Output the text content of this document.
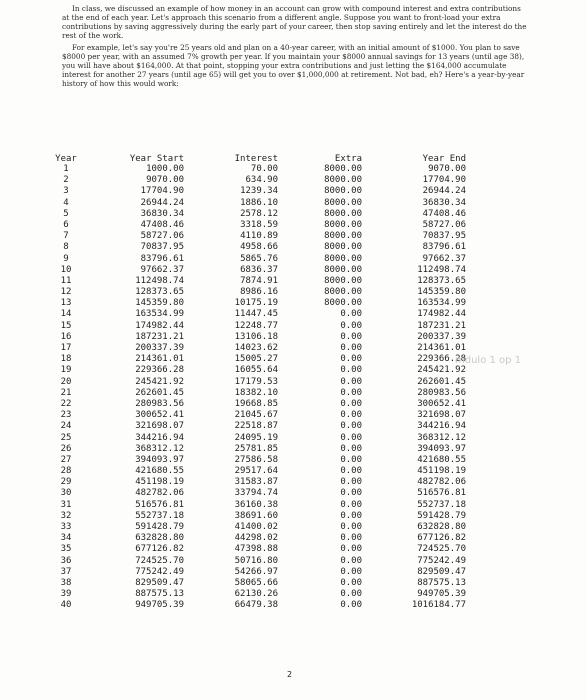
In class, we discussed an example of how money in an account can grow with compound interest and extra contributions at the end of each year. Let's approach this scenario from a different angle. Suppose you want to front-load your extra contributions by saving aggressively during the early part of your career, then stop saving entirely and let the interest do the rest of the work.

For example, let's say you're 25 years old and plan on a 40-year career, with an initial amount of $1000. You plan to save $8000 per year, with an assumed 7% growth per year. If you maintain your $8000 annual savings for 13 years (until age 38), you will have about $164,000. At that point, stopping your extra contributions and just letting the $164,000 accumulate interest for another 27 years (until age 65) will get you to over $1,000,000 at retirement. Not bad, eh? Here's a year-by-year history of how this would work:

Year	Year Start	Interest	Extra	Year End
1	1000.00	70.00	8000.00	9070.00
2	9070.00	634.90	8000.00	17704.90
3	17704.90	1239.34	8000.00	26944.24
4	26944.24	1886.10	8000.00	36830.34
5	36830.34	2578.12	8000.00	47408.46
6	47408.46	3318.59	8000.00	58727.06
7	58727.06	4110.89	8000.00	70837.95
8	70837.95	4958.66	8000.00	83796.61
9	83796.61	5865.76	8000.00	97662.37
10	97662.37	6836.37	8000.00	112498.74
11	112498.74	7874.91	8000.00	128373.65
12	128373.65	8986.16	8000.00	145359.80
13	145359.80	10175.19	8000.00	163534.99
14	163534.99	11447.45	0.00	174982.44
15	174982.44	12248.77	0.00	187231.21
16	187231.21	13106.18	0.00	200337.39
17	200337.39	14023.62	0.00	214361.01
18	214361.01	15005.27	0.00	229366.28
19	229366.28	16055.64	0.00	245421.92
20	245421.92	17179.53	0.00	262601.45
21	262601.45	18382.10	0.00	280983.56
22	280983.56	19668.85	0.00	300652.41
23	300652.41	21045.67	0.00	321698.07
24	321698.07	22518.87	0.00	344216.94
25	344216.94	24095.19	0.00	368312.12
26	368312.12	25781.85	0.00	394093.97
27	394093.97	27586.58	0.00	421680.55
28	421680.55	29517.64	0.00	451198.19
29	451198.19	31583.87	0.00	482782.06
30	482782.06	33794.74	0.00	516576.81
31	516576.81	36160.38	0.00	552737.18
32	552737.18	38691.60	0.00	591428.79
33	591428.79	41400.02	0.00	632828.80
34	632828.80	44298.02	0.00	677126.82
35	677126.82	47398.88	0.00	724525.70
36	724525.70	50716.80	0.00	775242.49
37	775242.49	54266.97	0.00	829509.47
38	829509.47	58065.66	0.00	887575.13
39	887575.13	62130.26	0.00	949705.39
40	949705.39	66479.38	0.00	1016184.77
mdulo 1 op 1
2
